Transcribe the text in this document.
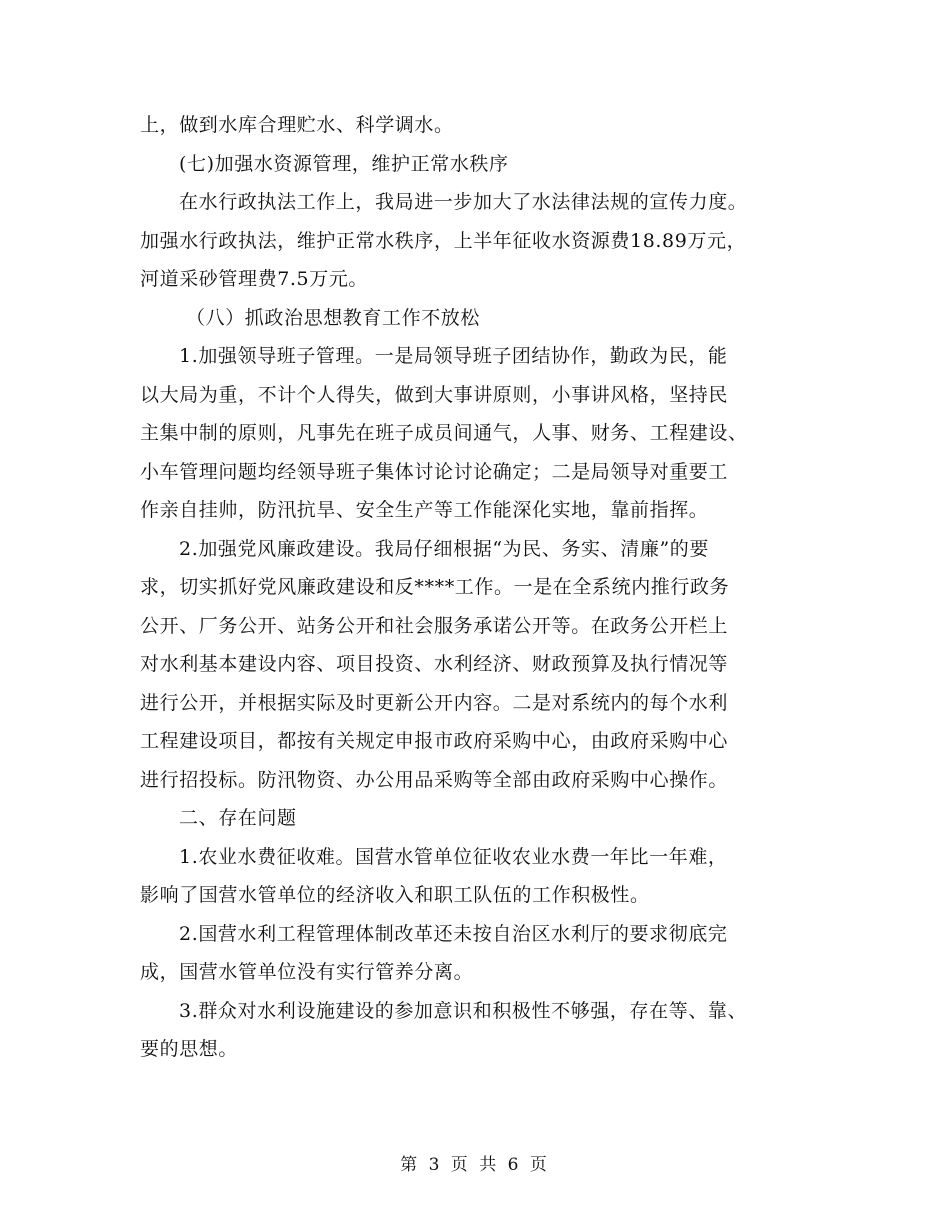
上，做到水库合理贮水、科学调水。
(七)加强水资源管理，维护正常水秩序
在水行政执法工作上，我局进一步加大了水法律法规的宣传力度。
加强水行政执法，维护正常水秩序，上半年征收水资源费18.89万元，
河道采砂管理费7.5万元。
（八）抓政治思想教育工作不放松
1.加强领导班子管理。一是局领导班子团结协作，勤政为民，能
以大局为重，不计个人得失，做到大事讲原则，小事讲风格，坚持民
主集中制的原则，凡事先在班子成员间通气，人事、财务、工程建设、
小车管理问题均经领导班子集体讨论讨论确定；二是局领导对重要工
作亲自挂帅，防汛抗旱、安全生产等工作能深化实地，靠前指挥。
2.加强党风廉政建设。我局仔细根据“为民、务实、清廉”的要
求，切实抓好党风廉政建设和反****工作。一是在全系统内推行政务
公开、厂务公开、站务公开和社会服务承诺公开等。在政务公开栏上
对水利基本建设内容、项目投资、水利经济、财政预算及执行情况等
进行公开，并根据实际及时更新公开内容。二是对系统内的每个水利
工程建设项目，都按有关规定申报市政府采购中心，由政府采购中心
进行招投标。防汛物资、办公用品采购等全部由政府采购中心操作。
二、存在问题
1.农业水费征收难。国营水管单位征收农业水费一年比一年难，
影响了国营水管单位的经济收入和职工队伍的工作积极性。
2.国营水利工程管理体制改革还未按自治区水利厅的要求彻底完
成，国营水管单位没有实行管养分离。
3.群众对水利设施建设的参加意识和积极性不够强，存在等、靠、
要的思想。
第 3 页 共 6 页
